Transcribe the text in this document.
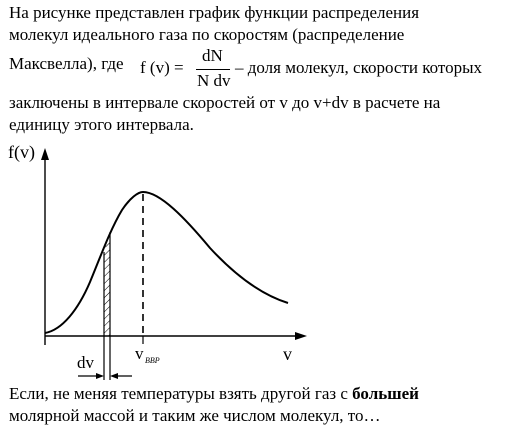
На рисунке представлен график функции распределения
молекул идеального газа по скоростям (распределение
Максвелла), где f (v) =
dN
N dv
– доля молекул, скорости которых
заключены в интервале скоростей от v до v+dv в расчете на
единицу этого интервала.
f(v)
v
v ВВР
dv
Если, не меняя температуры взять другой газ с большей
молярной массой и таким же числом молекул, то…
